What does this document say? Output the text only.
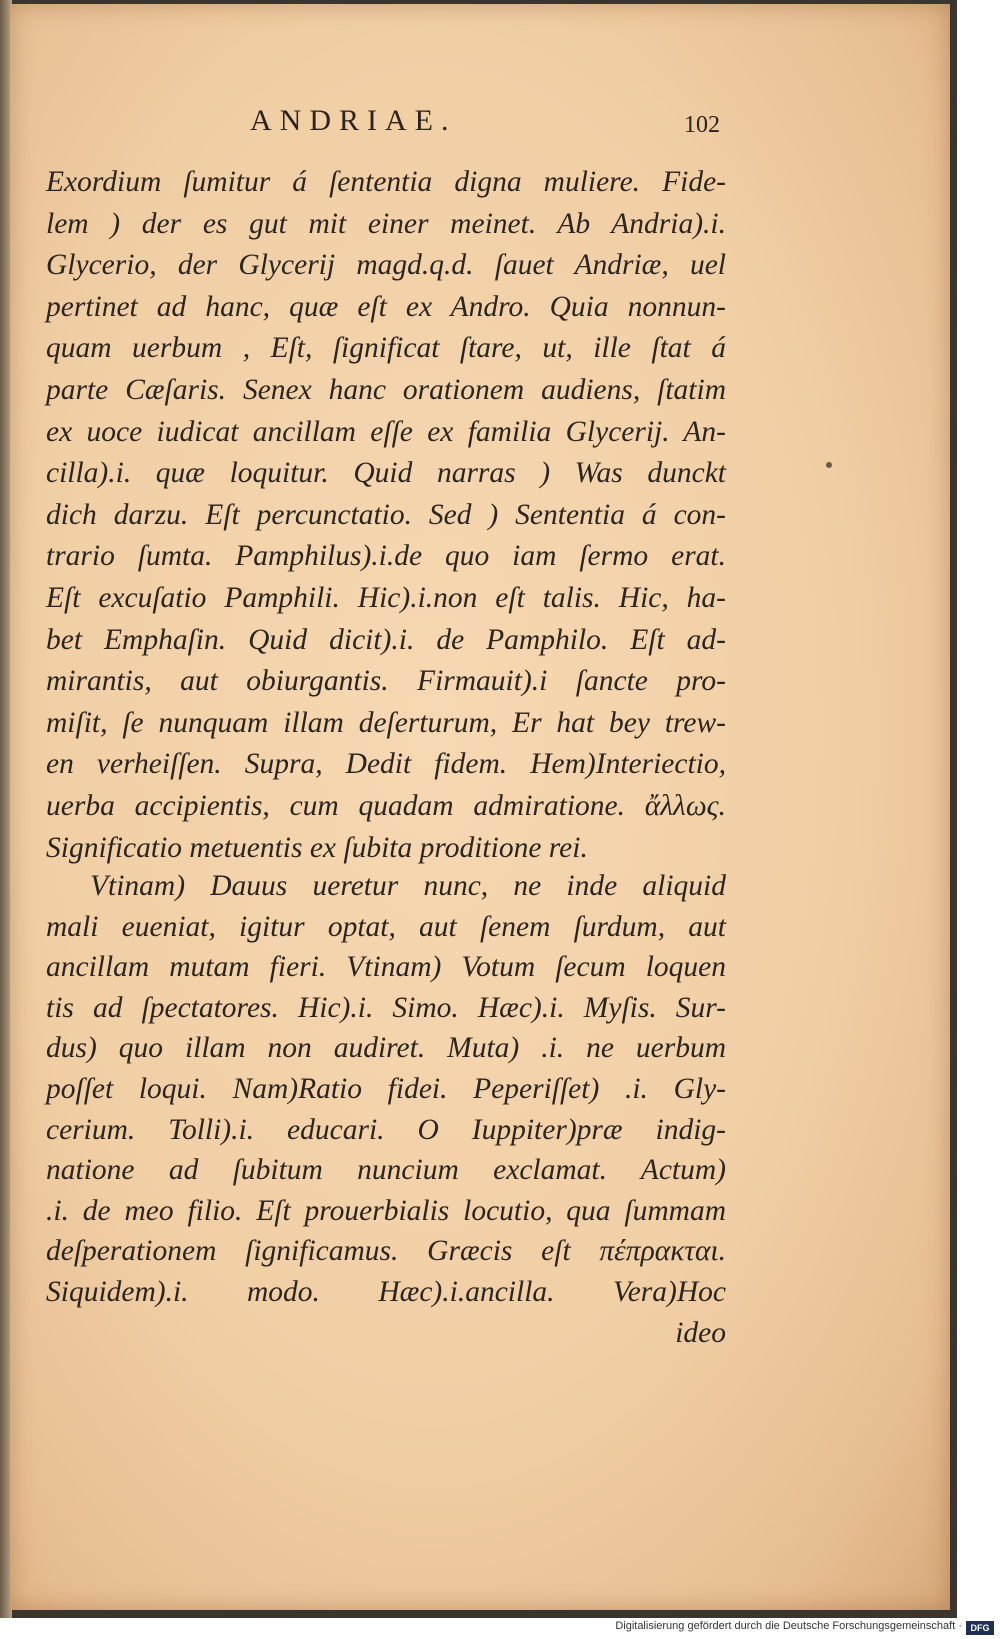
ANDRIAE.	102
Exordium ſumitur á ſententia digna muliere. Fide-
lem ) der es gut mit einer meinet. Ab Andria).i.
Glycerio, der Glycerij magd.q.d. ſauet Andriæ, uel
pertinet ad hanc, quæ eſt ex Andro. Quia nonnun-
quam uerbum , Eſt, ſignificat ſtare, ut, ille ſtat á
parte Cæſaris. Senex hanc orationem audiens, ſtatim
ex uoce iudicat ancillam eſſe ex familia Glycerij. An-
cilla).i. quæ loquitur. Quid narras ) Was dunckt
dich darzu. Eſt percunctatio. Sed ) Sententia á con-
trario ſumta. Pamphilus).i.de quo iam ſermo erat.
Eſt excuſatio Pamphili. Hic).i.non eſt talis. Hic, ha-
bet Emphaſin. Quid dicit).i. de Pamphilo. Eſt ad-
mirantis, aut obiurgantis. Firmauit).i ſancte pro-
miſit, ſe nunquam illam deſerturum, Er hat bey trew-
en verheiſſen. Supra, Dedit fidem. Hem)Interiectio,
uerba accipientis, cum quadam admiratione. ἄλλως.
Significatio metuentis ex ſubita proditione rei.
Vtinam) Dauus ueretur nunc, ne inde aliquid
mali eueniat, igitur optat, aut ſenem ſurdum, aut
ancillam mutam fieri. Vtinam) Votum ſecum loquen
tis ad ſpectatores. Hic).i. Simo. Hæc).i. Myſis. Sur-
dus) quo illam non audiret. Muta) .i. ne uerbum
poſſet loqui. Nam)Ratio fidei. Peperiſſet) .i. Gly-
cerium. Tolli).i. educari. O Iuppiter)præ indig-
natione ad ſubitum nuncium exclamat. Actum)
.i. de meo filio. Eſt prouerbialis locutio, qua ſummam
deſperationem ſignificamus. Græcis eſt πέπρακται.
Siquidem).i. modo. Hæc).i.ancilla. Vera)Hoc
ideo
Digitalisierung gefördert durch die Deutsche Forschungsgemeinschaft · DFG
